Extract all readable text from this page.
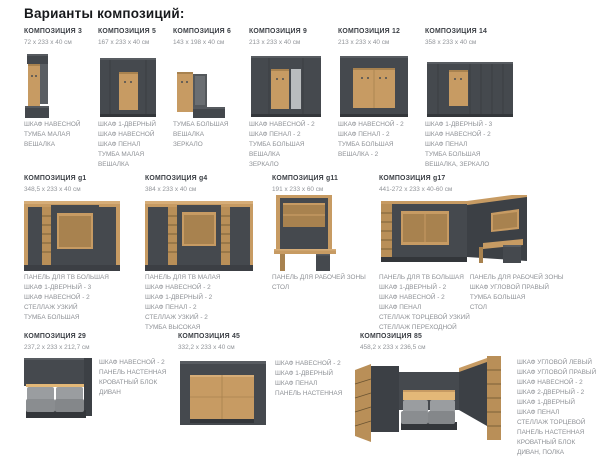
Варианты композиций:
КОМПОЗИЦИЯ 3
72 x 233 x 40 см
ШКАФ НАВЕСНОЙ
ТУМБА МАЛАЯ
ВЕШАЛКА
КОМПОЗИЦИЯ 5
167 x 233 x 40 см
ШКАФ 1-ДВЕРНЫЙ
ШКАФ НАВЕСНОЙ
ШКАФ ПЕНАЛ
ТУМБА МАЛАЯ
ВЕШАЛКА
КОМПОЗИЦИЯ 6
143 x 198 x 40 см
ТУМБА БОЛЬШАЯ
ВЕШАЛКА
ЗЕРКАЛО
КОМПОЗИЦИЯ 9
213 x 233 x 40 см
ШКАФ НАВЕСНОЙ - 2
ШКАФ ПЕНАЛ - 2
ТУМБА БОЛЬШАЯ
ВЕШАЛКА
ЗЕРКАЛО
КОМПОЗИЦИЯ 12
213 x 233 x 40 см
ШКАФ НАВЕСНОЙ - 2
ШКАФ ПЕНАЛ - 2
ТУМБА БОЛЬШАЯ
ВЕШАЛКА - 2
КОМПОЗИЦИЯ 14
358 x 233 x 40 см
ШКАФ 1-ДВЕРНЫЙ - 3
ШКАФ НАВЕСНОЙ - 2
ШКАФ ПЕНАЛ
ТУМБА БОЛЬШАЯ
ВЕШАЛКА, ЗЕРКАЛО
КОМПОЗИЦИЯ g1
348,5 x 233 x 40 см
ПАНЕЛЬ ДЛЯ ТВ БОЛЬШАЯ
ШКАФ 1-ДВЕРНЫЙ - 3
ШКАФ НАВЕСНОЙ - 2
СТЕЛЛАЖ УЗКИЙ
ТУМБА БОЛЬШАЯ
КОМПОЗИЦИЯ g4
384 x 233 x 40 см
ПАНЕЛЬ ДЛЯ ТВ МАЛАЯ
ШКАФ НАВЕСНОЙ - 2
ШКАФ 1-ДВЕРНЫЙ - 2
ШКАФ ПЕНАЛ - 2
СТЕЛЛАЖ УЗКИЙ - 2
ТУМБА ВЫСОКАЯ
КОМПОЗИЦИЯ g11
191 x 233 x 60 см
ПАНЕЛЬ ДЛЯ РАБОЧЕЙ ЗОНЫ
СТОЛ
КОМПОЗИЦИЯ g17
441-272 x 233 x 40-60 см
ПАНЕЛЬ ДЛЯ ТВ БОЛЬШАЯ
ШКАФ 1-ДВЕРНЫЙ - 2
ШКАФ НАВЕСНОЙ - 2
ШКАФ ПЕНАЛ
СТЕЛЛАЖ ТОРЦЕВОЙ УЗКИЙ
СТЕЛЛАЖ ПЕРЕХОДНОЙ
ПАНЕЛЬ ДЛЯ РАБОЧЕЙ ЗОНЫ
ШКАФ УГЛОВОЙ ПРАВЫЙ
ТУМБА БОЛЬШАЯ
СТОЛ
КОМПОЗИЦИЯ 29
237,2 x 233 x 212,7 см
ШКАФ НАВЕСНОЙ - 2
ПАНЕЛЬ НАСТЕННАЯ
КРОВАТНЫЙ БЛОК
ДИВАН
КОМПОЗИЦИЯ 45
332,2 x 233 x 40 см
ШКАФ НАВЕСНОЙ - 2
ШКАФ 1-ДВЕРНЫЙ
ШКАФ ПЕНАЛ
ПАНЕЛЬ НАСТЕННАЯ
КОМПОЗИЦИЯ 85
458,2 x 233 x 236,5 см
ШКАФ УГЛОВОЙ ЛЕВЫЙ
ШКАФ УГЛОВОЙ ПРАВЫЙ
ШКАФ НАВЕСНОЙ - 2
ШКАФ 2-ДВЕРНЫЙ - 2
ШКАФ 1-ДВЕРНЫЙ
ШКАФ ПЕНАЛ
СТЕЛЛАЖ ТОРЦЕВОЙ
ПАНЕЛЬ НАСТЕННАЯ
КРОВАТНЫЙ БЛОК
ДИВАН, ПОЛКА
